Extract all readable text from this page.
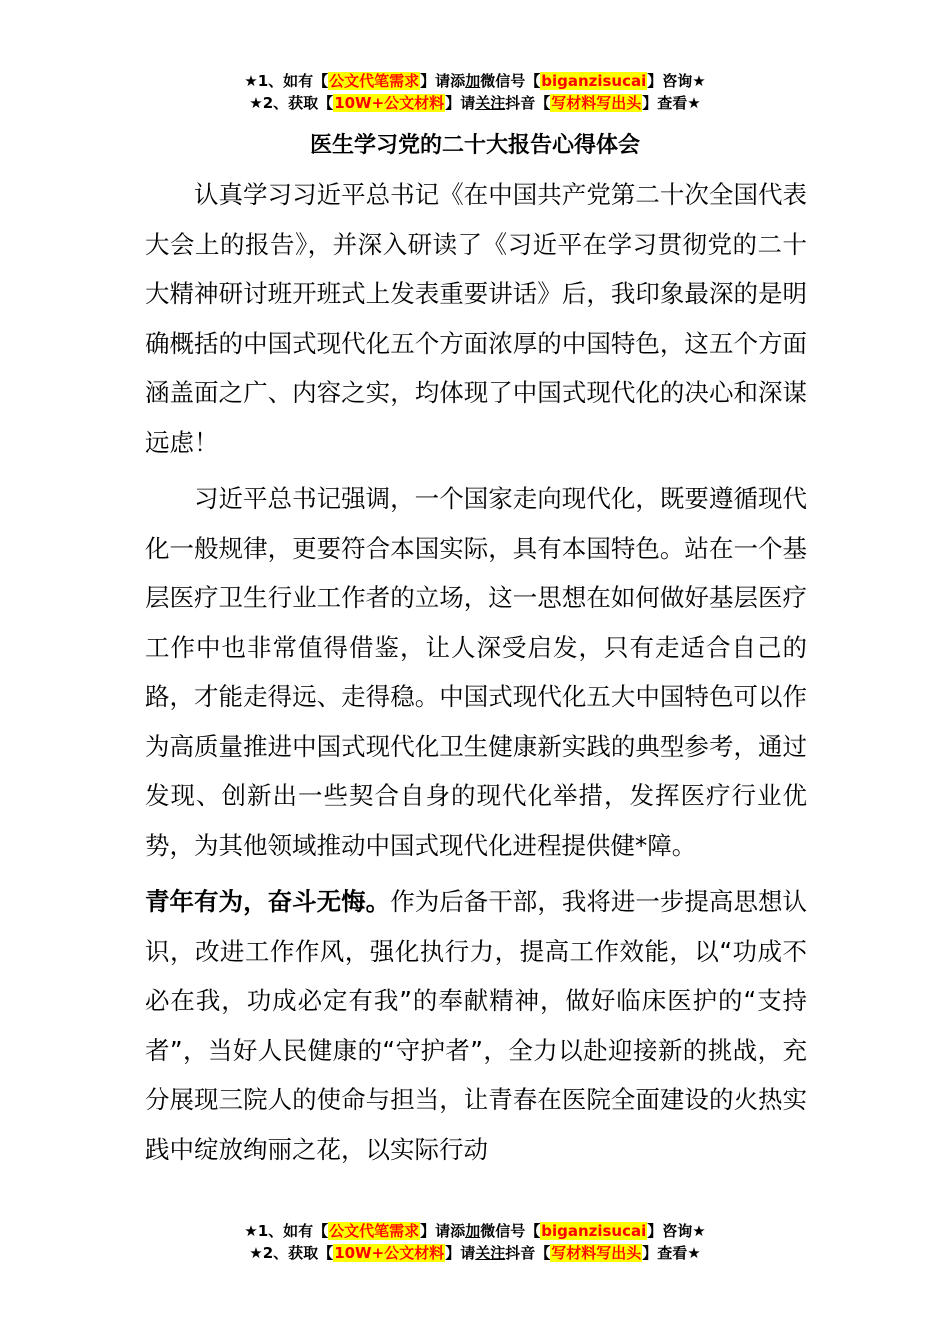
★1、如有【公文代笔需求】请添加微信号【biganzisucai】咨询★
★2、获取【10W+公文材料】请关注抖音【写材料写出头】查看★
医生学习党的二十大报告心得体会

认真学习习近平总书记《在中国共产党第二十次全国代表大会上的报告》，并深入研读了《习近平在学习贯彻党的二十大精神研讨班开班式上发表重要讲话》后，我印象最深的是明确概括的中国式现代化五个方面浓厚的中国特色，这五个方面涵盖面之广、内容之实，均体现了中国式现代化的决心和深谋远虑！

习近平总书记强调，一个国家走向现代化，既要遵循现代化一般规律，更要符合本国实际，具有本国特色。站在一个基层医疗卫生行业工作者的立场，这一思想在如何做好基层医疗工作中也非常值得借鉴，让人深受启发，只有走适合自己的路，才能走得远、走得稳。中国式现代化五大中国特色可以作为高质量推进中国式现代化卫生健康新实践的典型参考，通过发现、创新出一些契合自身的现代化举措，发挥医疗行业优势，为其他领域推动中国式现代化进程提供健*障。

青年有为，奋斗无悔。作为后备干部，我将进一步提高思想认识，改进工作作风，强化执行力，提高工作效能，以“功成不必在我，功成必定有我”的奉献精神，做好临床医护的“支持者”，当好人民健康的“守护者”，全力以赴迎接新的挑战，充分展现三院人的使命与担当，让青春在医院全面建设的火热实践中绽放绚丽之花，以实际行动

★1、如有【公文代笔需求】请添加微信号【biganzisucai】咨询★
★2、获取【10W+公文材料】请关注抖音【写材料写出头】查看★
